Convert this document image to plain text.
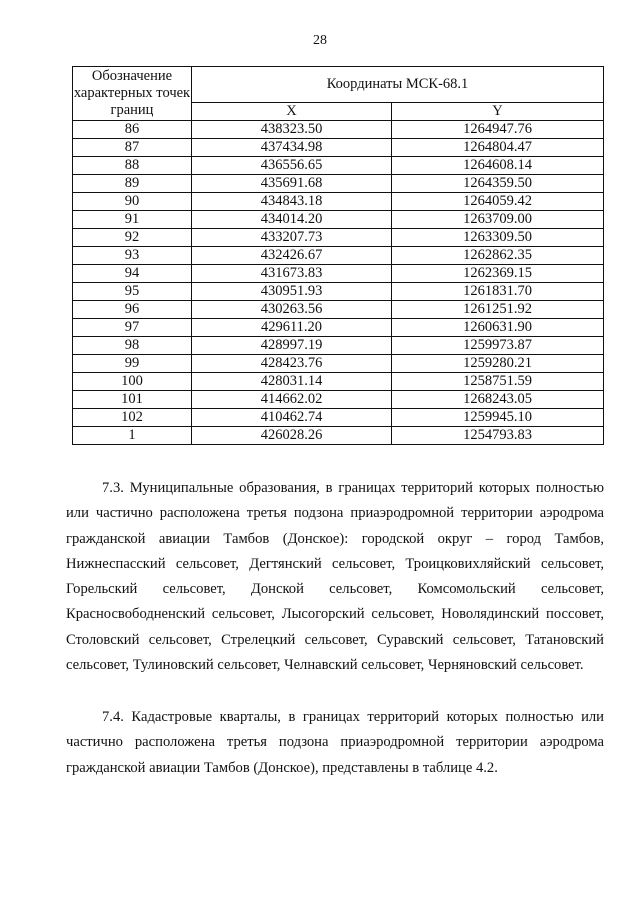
28
Обозначение характерных точек границ	Координаты МСК-68.1	
	X	Y
86	438323.50	1264947.76
87	437434.98	1264804.47
88	436556.65	1264608.14
89	435691.68	1264359.50
90	434843.18	1264059.42
91	434014.20	1263709.00
92	433207.73	1263309.50
93	432426.67	1262862.35
94	431673.83	1262369.15
95	430951.93	1261831.70
96	430263.56	1261251.92
97	429611.20	1260631.90
98	428997.19	1259973.87
99	428423.76	1259280.21
100	428031.14	1258751.59
101	414662.02	1268243.05
102	410462.74	1259945.10
1	426028.26	1254793.83

7.3. Муниципальные образования, в границах территорий которых полностью или частично расположена третья подзона приаэродромной территории аэродрома гражданской авиации Тамбов (Донское): городской округ – город Тамбов, Нижнеспасский сельсовет, Дегтянский сельсовет, Троицковихляйский сельсовет, Горельский сельсовет, Донской сельсовет, Комсомольский сельсовет, Красносвободненский сельсовет, Лысогорский сельсовет, Новолядинский поссовет, Столовский сельсовет, Стрелецкий сельсовет, Суравский сельсовет, Татановский сельсовет, Тулиновский сельсовет, Челнавский сельсовет, Черняновский сельсовет.

7.4. Кадастровые кварталы, в границах территорий которых полностью или частично расположена третья подзона приаэродромной территории аэродрома гражданской авиации Тамбов (Донское), представлены в таблице 4.2.
